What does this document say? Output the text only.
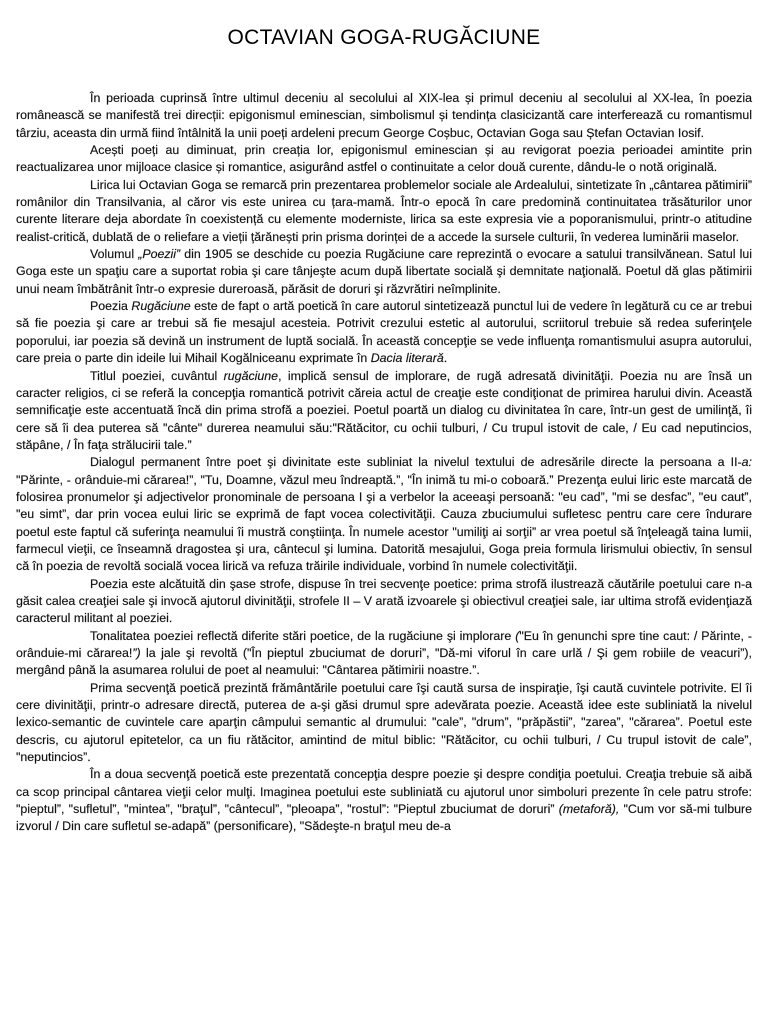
OCTAVIAN GOGA-RUGĂCIUNE

În perioada cuprinsă între ultimul deceniu al secolului al XIX-lea și primul deceniu al secolului al XX-lea, în poezia românească se manifestă trei direcții: epigonismul eminescian, simbolismul și tendința clasicizantă care interferează cu romantismul târziu, aceasta din urmă fiind întâlnită la unii poeți ardeleni precum George Coșbuc, Octavian Goga sau Ștefan Octavian Iosif.

Acești poeți au diminuat, prin creația lor, epigonismul eminescian și au revigorat poezia perioadei amintite prin reactualizarea unor mijloace clasice și romantice, asigurând astfel o continuitate a celor două curente, dându-le o notă originală.

Lirica lui Octavian Goga se remarcă prin prezentarea problemelor sociale ale Ardealului, sintetizate în „cântarea pătimirii” românilor din Transilvania, al căror vis este unirea cu țara-mamă. Într-o epocă în care predomină continuitatea trăsăturilor unor curente literare deja abordate în coexistență cu elemente moderniste, lirica sa este expresia vie a poporanismului, printr-o atitudine realist-critică, dublată de o reliefare a vieții țărănești prin prisma dorinței de a accede la sursele culturii, în vederea luminării maselor.

Volumul „Poezii” din 1905 se deschide cu poezia Rugăciune care reprezintă o evocare a satului transilvănean. Satul lui Goga este un spaţiu care a suportat robia şi care tânjeşte acum după libertate socială şi demnitate naţională. Poetul dă glas pătimirii unui neam îmbătrânit într-o expresie dureroasă, părăsit de doruri şi răzvrătiri neîmplinite.

Poezia Rugăciune este de fapt o artă poetică în care autorul sintetizează punctul lui de vedere în legătură cu ce ar trebui să fie poezia şi care ar trebui să fie mesajul acesteia. Potrivit crezului estetic al autorului, scriitorul trebuie să redea suferinţele poporului, iar poezia să devină un instrument de luptă socială. În această concepţie se vede influenţa romantismului asupra autorului, care preia o parte din ideile lui Mihail Kogălniceanu exprimate în Dacia literară.

Titlul poeziei, cuvântul rugăciune, implică sensul de implorare, de rugă adresată divinităţii. Poezia nu are însă un caracter religios, ci se referă la concepţia romantică potrivit căreia actul de creaţie este condiţionat de primirea harului divin. Această semnificaţie este accentuată încă din prima strofă a poeziei. Poetul poartă un dialog cu divinitatea în care, într-un gest de umilinţă, îi cere să îi dea puterea să "cânte" durerea neamului său:"Rătăcitor, cu ochii tulburi, / Cu trupul istovit de cale, / Eu cad neputincios, stăpâne, / În faţa strălucirii tale.”

Dialogul permanent între poet şi divinitate este subliniat la nivelul textului de adresările directe la persoana a II-a: "Părinte, - orânduie-mi cărarea!”, "Tu, Doamne, văzul meu îndreaptă.”, "În inimă tu mi-o coboară.” Prezenţa eului liric este marcată de folosirea pronumelor şi adjectivelor pronominale de persoana I şi a verbelor la aceeaşi persoană: "eu cad”, "mi se desfac”, "eu caut”, "eu simt”, dar prin vocea eului liric se exprimă de fapt vocea colectivităţii. Cauza zbuciumului sufletesc pentru care cere îndurare poetul este faptul că suferinţa neamului îi mustră conştiinţa. În numele acestor "umiliţi ai sorţii” ar vrea poetul să înţeleagă taina lumii, farmecul vieţii, ce înseamnă dragostea şi ura, cântecul şi lumina. Datorită mesajului, Goga preia formula lirismului obiectiv, în sensul că în poezia de revoltă socială vocea lirică va refuza trăirile individuale, vorbind în numele colectivităţii.

Poezia este alcătuită din şase strofe, dispuse în trei secvenţe poetice: prima strofă ilustrează căutările poetului care n-a găsit calea creaţiei sale şi invocă ajutorul divinităţii, strofele II – V arată izvoarele şi obiectivul creaţiei sale, iar ultima strofă evidenţiază caracterul militant al poeziei.

Tonalitatea poeziei reflectă diferite stări poetice, de la rugăciune şi implorare ("Eu în genunchi spre tine caut: / Părinte, - orânduie-mi cărarea!”) la jale şi revoltă ("În pieptul zbuciumat de doruri”, "Dă-mi viforul în care urlă / Şi gem robiile de veacuri”), mergând până la asumarea rolului de poet al neamului: "Cântarea pătimirii noastre.”.

Prima secvenţă poetică prezintă frământările poetului care îşi caută sursa de inspiraţie, îşi caută cuvintele potrivite. El îi cere divinităţii, printr-o adresare directă, puterea de a-şi găsi drumul spre adevărata poezie. Această idee este subliniată la nivelul lexico-semantic de cuvintele care aparţin câmpului semantic al drumului: "cale”, "drum”, "prăpăstii”, "zarea”, "cărarea”. Poetul este descris, cu ajutorul epitetelor, ca un fiu rătăcitor, amintind de mitul biblic: "Rătăcitor, cu ochii tulburi, / Cu trupul istovit de cale”, "neputincios”.

În a doua secvenţă poetică este prezentată concepţia despre poezie şi despre condiţia poetului. Creaţia trebuie să aibă ca scop principal cântarea vieţii celor mulţi. Imaginea poetului este subliniată cu ajutorul unor simboluri prezente în cele patru strofe: "pieptul”, "sufletul”, "mintea”, "braţul”, "cântecul”, "pleoapa”, "rostul”: "Pieptul zbuciumat de doruri” (metaforă), "Cum vor să-mi tulbure izvorul / Din care sufletul se-adapă” (personificare), "Sădeşte-n braţul meu de-a
